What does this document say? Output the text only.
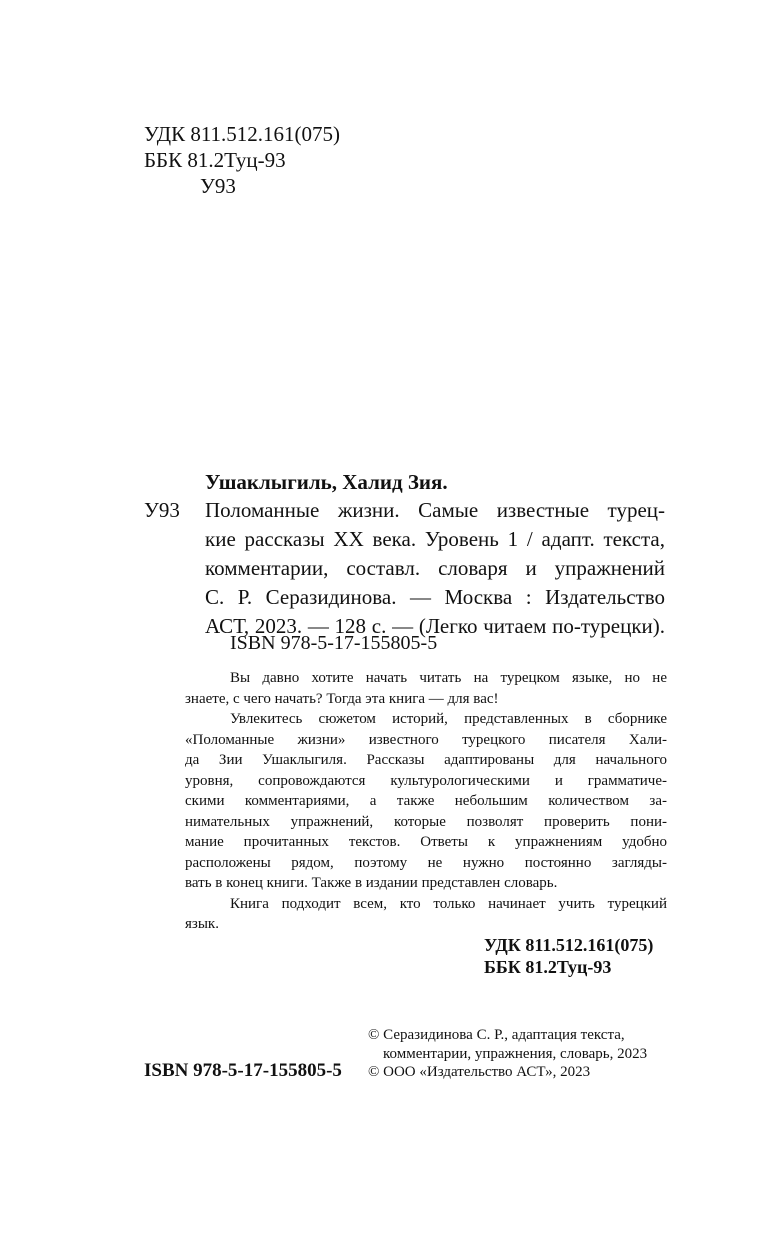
УДК 811.512.161(075)
ББК 81.2Туц-93
У93
Ушаклыгиль, Халид Зия.
У93 Поломанные жизни. Самые известные турец-
кие рассказы XX века. Уровень 1 / адапт. текста,
комментарии, составл. словаря и упражнений
С. Р. Серазидинова. — Москва : Издательство
АСТ, 2023. — 128 с. — (Легко читаем по-турецки).
ISBN 978-5-17-155805-5
Вы давно хотите начать читать на турецком языке, но не
знаете, с чего начать? Тогда эта книга — для вас!
Увлекитесь сюжетом историй, представленных в сборнике
«Поломанные жизни» известного турецкого писателя Хали-
да Зии Ушаклыгиля. Рассказы адаптированы для начального
уровня, сопровождаются культурологическими и грамматиче-
скими комментариями, а также небольшим количеством за-
нимательных упражнений, которые позволят проверить пони-
мание прочитанных текстов. Ответы к упражнениям удобно
расположены рядом, поэтому не нужно постоянно загляды-
вать в конец книги. Также в издании представлен словарь.
Книга подходит всем, кто только начинает учить турецкий
язык.
УДК 811.512.161(075)
ББК 81.2Туц-93
© Серазидинова С. Р., адаптация текста,
комментарии, упражнения, словарь, 2023
ISBN 978-5-17-155805-5 © ООО «Издательство АСТ», 2023
